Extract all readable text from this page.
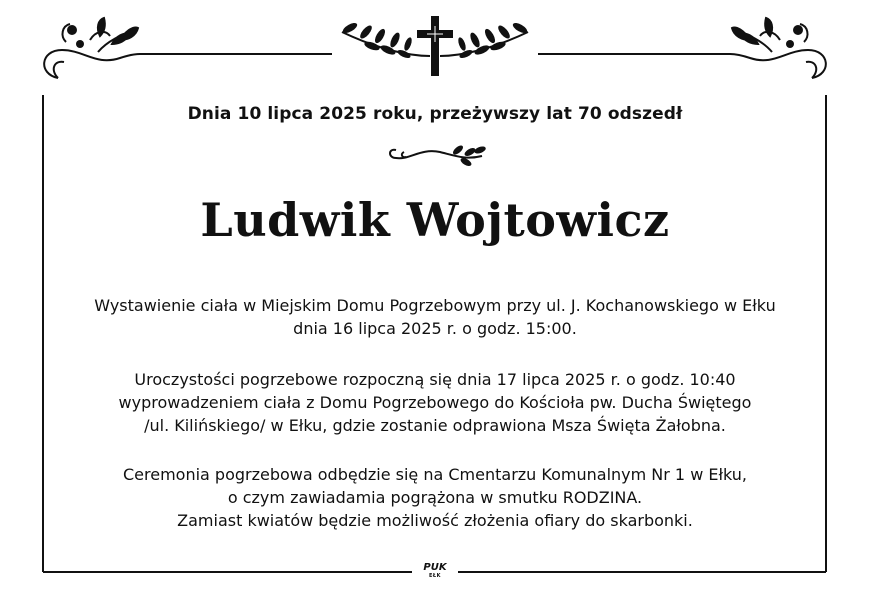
Dnia 10 lipca 2025 roku, przeżywszy lat 70 odszedł
Ludwik Wojtowicz
Wystawienie ciała w Miejskim Domu Pogrzebowym przy ul. J. Kochanowskiego w Ełku
dnia 16 lipca 2025 r. o godz. 15:00.
Uroczystości pogrzebowe rozpoczną się dnia 17 lipca 2025 r. o godz. 10:40
wyprowadzeniem ciała z Domu Pogrzebowego do Kościoła pw. Ducha Świętego
/ul. Kilińskiego/ w Ełku, gdzie zostanie odprawiona Msza Święta Żałobna.
Ceremonia pogrzebowa odbędzie się na Cmentarzu Komunalnym Nr 1 w Ełku,
o czym zawiadamia pogrążona w smutku RODZINA.
Zamiast kwiatów będzie możliwość złożenia ofiary do skarbonki.
PUK
EŁK
